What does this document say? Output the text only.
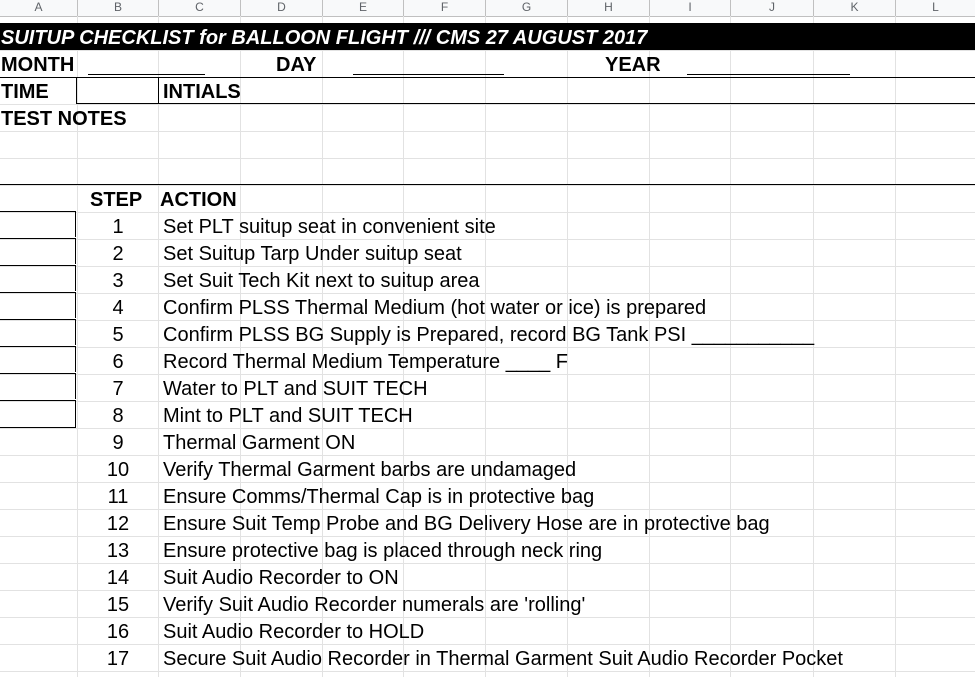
A	B	C	D	E	F	G	H	I	J	K	L
SUITUP CHECKLIST for BALLOON FLIGHT /// CMS 27 AUGUST 2017
MONTH	DAY	YEAR
TIME	INTIALS
TEST NOTES
STEP ACTION
1	Set PLT suitup seat in convenient site
2	Set Suitup Tarp Under suitup seat
3	Set Suit Tech Kit next to suitup area
4	Confirm PLSS Thermal Medium (hot water or ice) is prepared
5	Confirm PLSS BG Supply is Prepared, record BG Tank PSI ___________
6	Record Thermal Medium Temperature ____ F
7	Water to PLT and SUIT TECH
8	Mint to PLT and SUIT TECH
9	Thermal Garment ON
10	Verify Thermal Garment barbs are undamaged
11	Ensure Comms/Thermal Cap is in protective bag
12	Ensure Suit Temp Probe and BG Delivery Hose are in protective bag
13	Ensure protective bag is placed through neck ring
14	Suit Audio Recorder to ON
15	Verify Suit Audio Recorder numerals are 'rolling'
16	Suit Audio Recorder to HOLD
17	Secure Suit Audio Recorder in Thermal Garment Suit Audio Recorder Pocket
